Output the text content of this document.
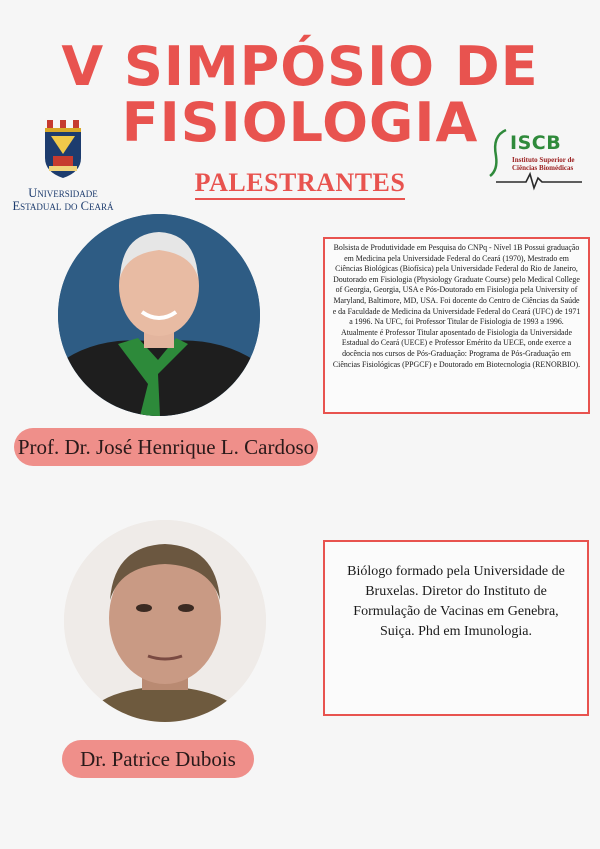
V SIMPÓSIO DE
FISIOLOGIA
PALESTRANTES
Universidade
Estadual do Ceará
ISCB
Instituto Superior de
Ciências Biomédicas
Bolsista de Produtividade em Pesquisa do CNPq - Nível 1B Possui graduação em Medicina pela Universidade Federal do Ceará (1970), Mestrado em Ciências Biológicas (Biofísica) pela Universidade Federal do Rio de Janeiro, Doutorado em Fisiologia (Physiology Graduate Course) pelo Medical College of Georgia, Georgia, USA e Pós-Doutorado em Fisiologia pela University of Maryland, Baltimore, MD, USA. Foi docente do Centro de Ciências da Saúde e da Faculdade de Medicina da Universidade Federal do Ceará (UFC) de 1971 a 1996. Na UFC, foi Professor Titular de Fisiologia de 1993 a 1996. Atualmente é Professor Titular aposentado de Fisiologia da Universidade Estadual do Ceará (UECE) e Professor Emérito da UECE, onde exerce a docência nos cursos de Pós-Graduação: Programa de Pós-Graduação em Ciências Fisiológicas (PPGCF) e Doutorado em Biotecnologia (RENORBIO).
Prof. Dr. José Henrique L. Cardoso
Biólogo formado pela Universidade de Bruxelas. Diretor do Instituto de Formulação de Vacinas em Genebra, Suiça. Phd em Imunologia.
Dr. Patrice Dubois
